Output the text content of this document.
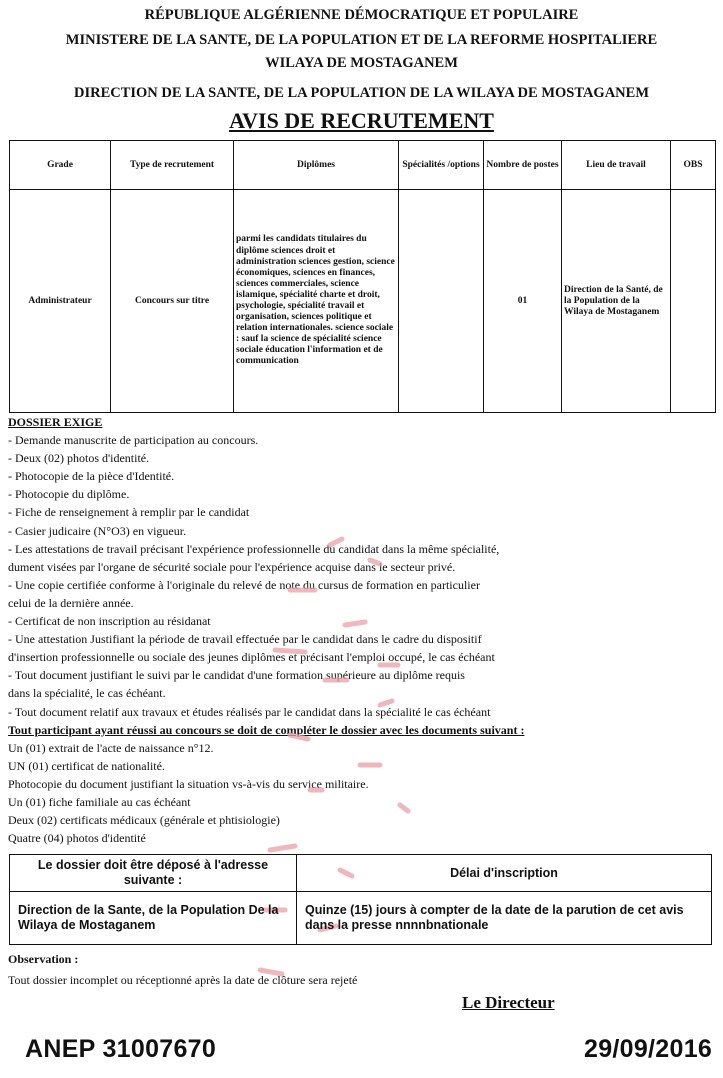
RÉPUBLIQUE ALGÉRIENNE DÉMOCRATIQUE ET POPULAIRE
MINISTERE DE LA SANTE, DE LA POPULATION ET DE LA REFORME HOSPITALIERE
WILAYA DE MOSTAGANEM
DIRECTION DE LA SANTE, DE LA POPULATION DE LA WILAYA DE MOSTAGANEM
AVIS DE RECRUTEMENT
Grade	Type de recrutement	Diplômes	Spécialités /options	Nombre de postes	Lieu de travail	OBS
Administrateur	Concours sur titre	parmi les candidats titulaires du diplôme sciences droit et administration sciences gestion, science économiques, sciences en finances, sciences commerciales, science islamique, spécialité charte et droit, psychologie, spécialité travail et organisation, sciences politique et relation internationales. science sociale : sauf la science de spécialité science sociale éducation l'information et de communication		01	Direction de la Santé, de la Population de la Wilaya de Mostaganem	
DOSSIER EXIGE
- Demande manuscrite de participation au concours.
- Deux (02) photos d'identité.
- Photocopie de la pièce d'Identité.
- Photocopie du diplôme.
- Fiche de renseignement à remplir par le candidat
- Casier judicaire (N°O3) en vigueur.
- Les attestations de travail précisant l'expérience professionnelle du candidat dans la même spécialité,
dument visées par l'organe de sécurité sociale pour l'expérience acquise dans le secteur privé.
- Une copie certifiée conforme à l'originale du relevé de note du cursus de formation en particulier
celui de la dernière année.
- Certificat de non inscription au résidanat
- Une attestation Justifiant la période de travail effectuée par le candidat dans le cadre du dispositif
d'insertion professionnelle ou sociale des jeunes diplômes et précisant l'emploi occupé, le cas échéant
- Tout document justifiant le suivi par le candidat d'une formation supérieure au diplôme requis
dans la spécialité, le cas échéant.
- Tout document relatif aux travaux et études réalisés par le candidat dans la spécialité le cas échéant
Tout participant ayant réussi au concours se doit de compléter le dossier avec les documents suivant :
Un (01) extrait de l'acte de naissance n°12.
UN (01) certificat de nationalité.
Photocopie du document justifiant la situation vs-à-vis du service militaire.
Un (01) fiche familiale au cas échéant
Deux (02) certificats médicaux (générale et phtisiologie)
Quatre (04) photos d'identité
Le dossier doit être déposé à l'adresse suivante :	Délai d'inscription
Direction de la Sante, de la Population De la Wilaya de Mostaganem	Quinze (15) jours à compter de la date de la parution de cet avis dans la presse nnnnbnationale
Observation :
Tout dossier incomplet ou réceptionné après la date de clôture sera rejeté
Le Directeur
ANEP 31007670	29/09/2016
